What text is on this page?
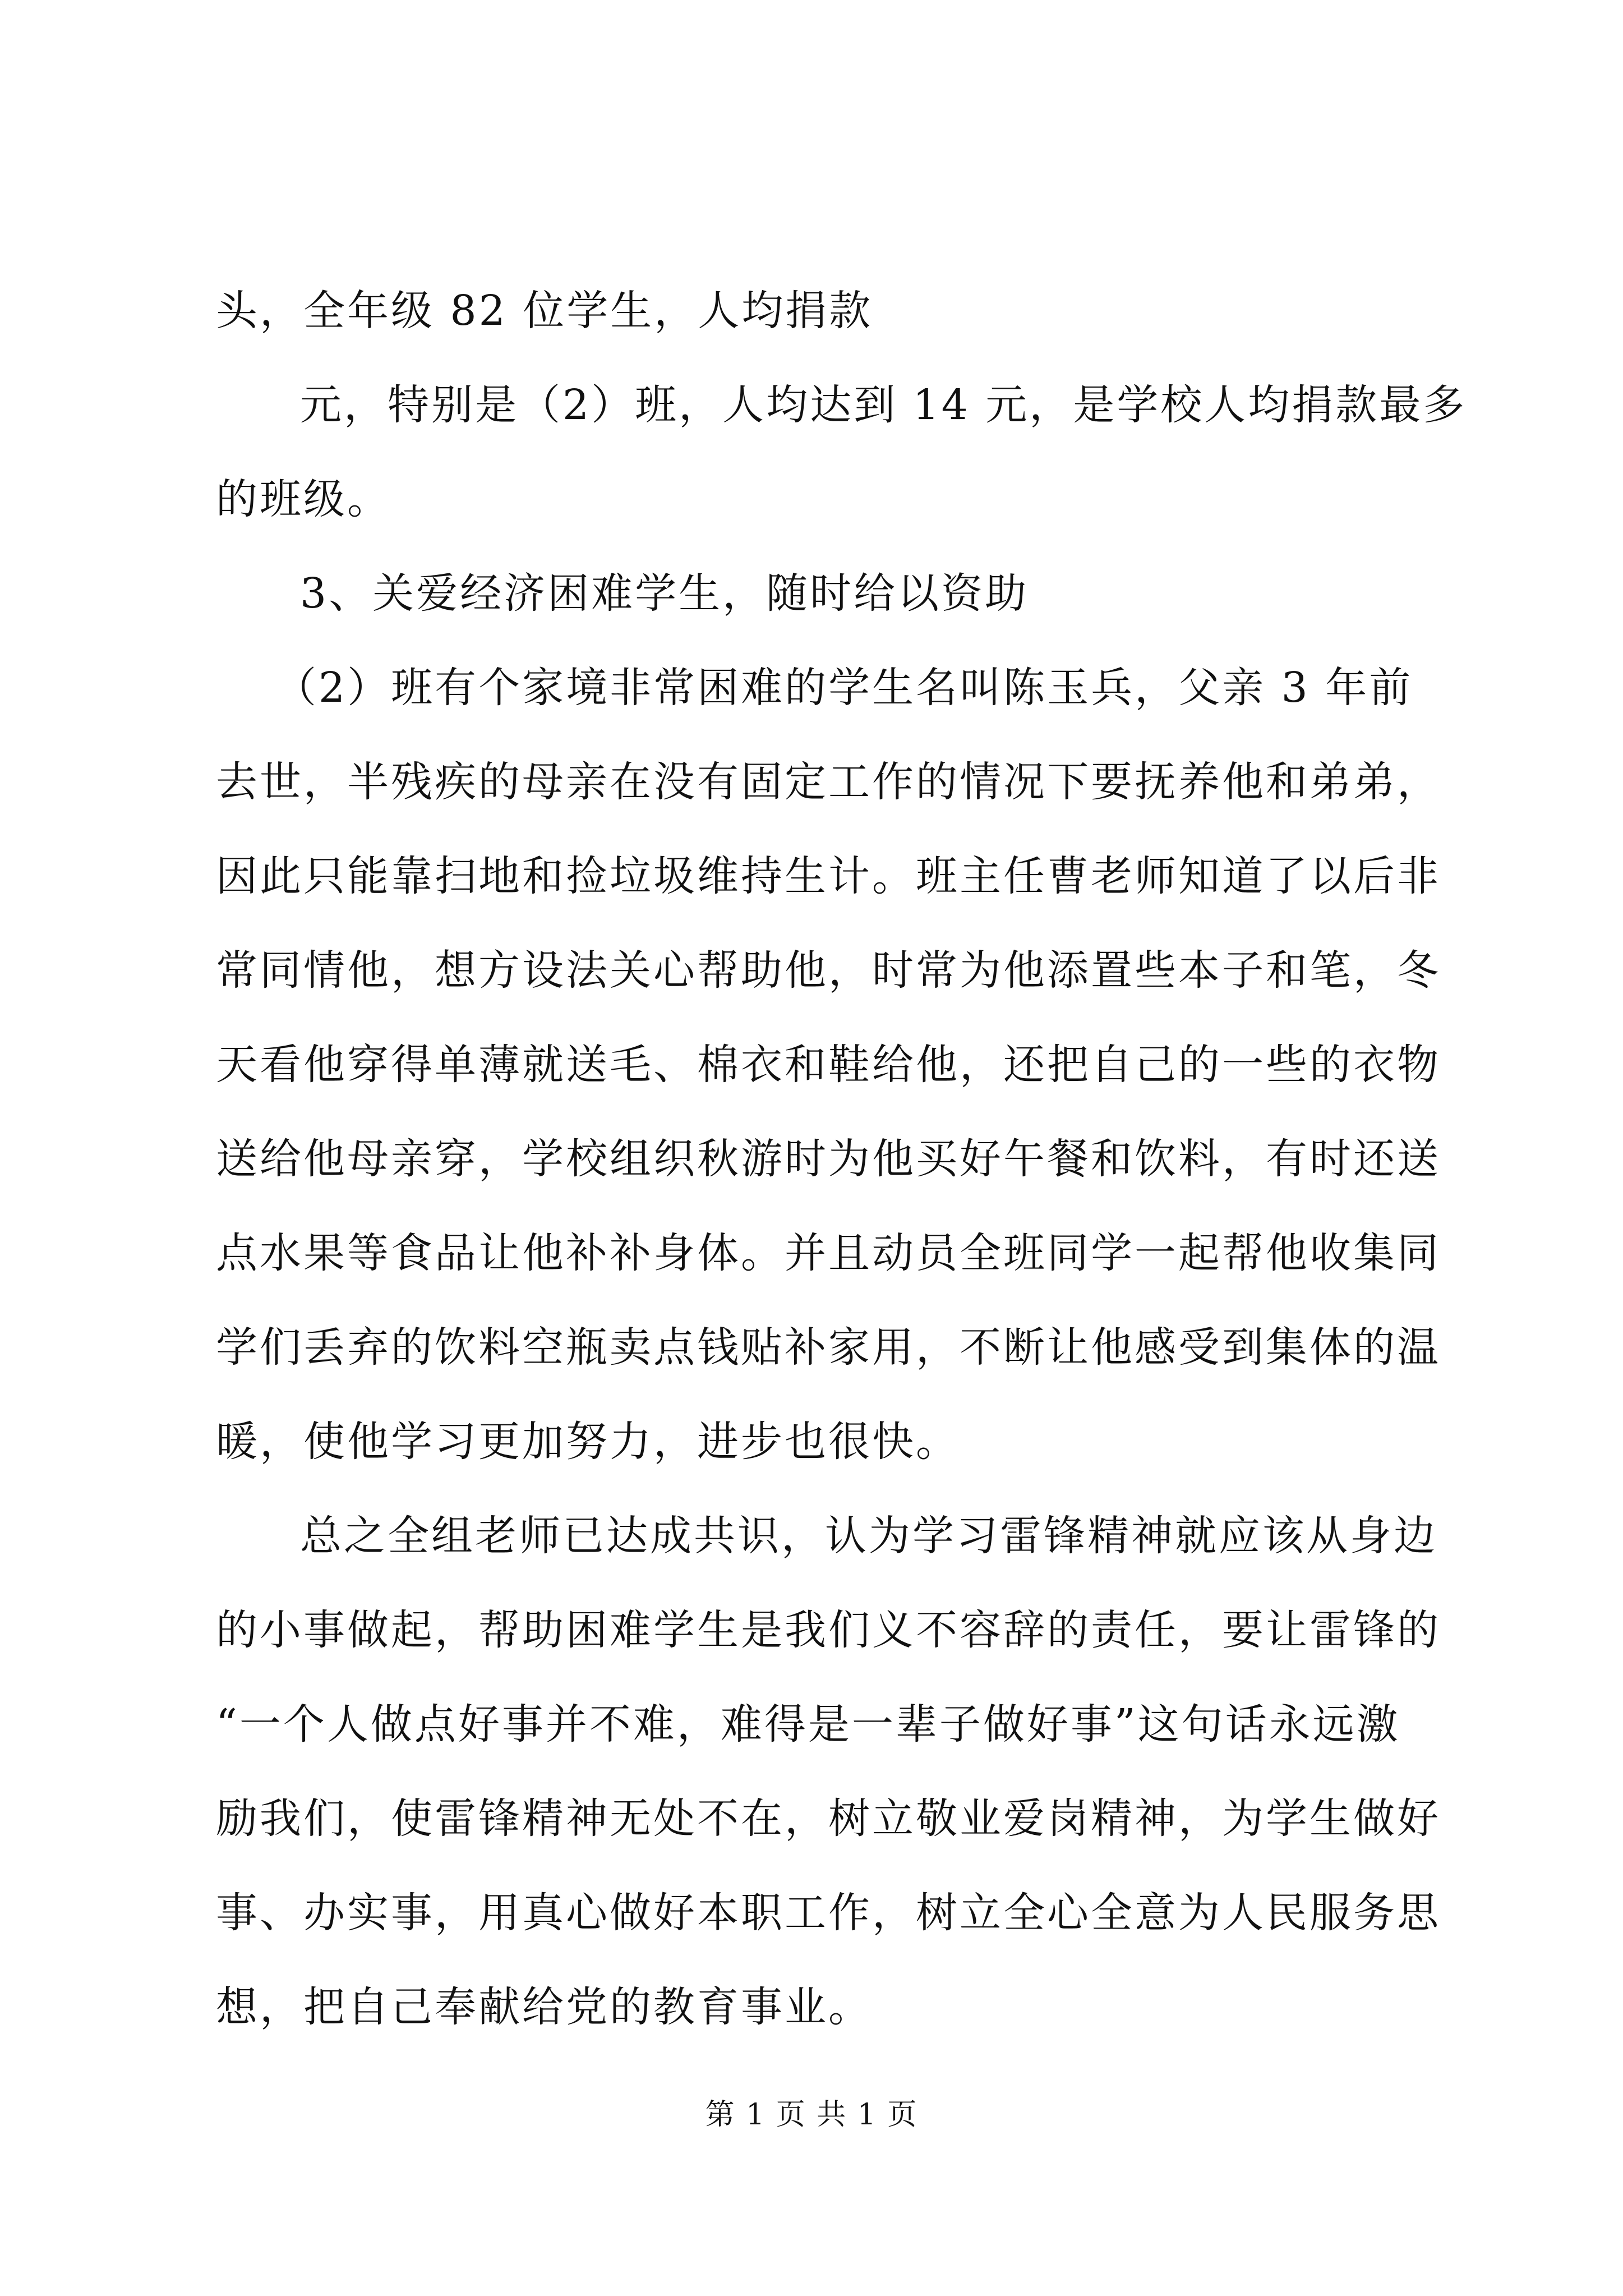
头，全年级 82 位学生，人均捐款
元，特别是（2）班，人均达到 14 元，是学校人均捐款最多
的班级。
3、关爱经济困难学生，随时给以资助
（2）班有个家境非常困难的学生名叫陈玉兵，父亲 3 年前
去世，半残疾的母亲在没有固定工作的情况下要抚养他和弟弟，
因此只能靠扫地和捡垃圾维持生计。班主任曹老师知道了以后非
常同情他，想方设法关心帮助他，时常为他添置些本子和笔，冬
天看他穿得单薄就送毛、棉衣和鞋给他，还把自己的一些的衣物
送给他母亲穿，学校组织秋游时为他买好午餐和饮料，有时还送
点水果等食品让他补补身体。并且动员全班同学一起帮他收集同
学们丢弃的饮料空瓶卖点钱贴补家用，不断让他感受到集体的温
暖，使他学习更加努力，进步也很快。
总之全组老师已达成共识，认为学习雷锋精神就应该从身边
的小事做起，帮助困难学生是我们义不容辞的责任，要让雷锋的
“一个人做点好事并不难，难得是一辈子做好事”这句话永远激
励我们，使雷锋精神无处不在，树立敬业爱岗精神，为学生做好
事、办实事，用真心做好本职工作，树立全心全意为人民服务思
想，把自己奉献给党的教育事业。
第 1 页 共 1 页
